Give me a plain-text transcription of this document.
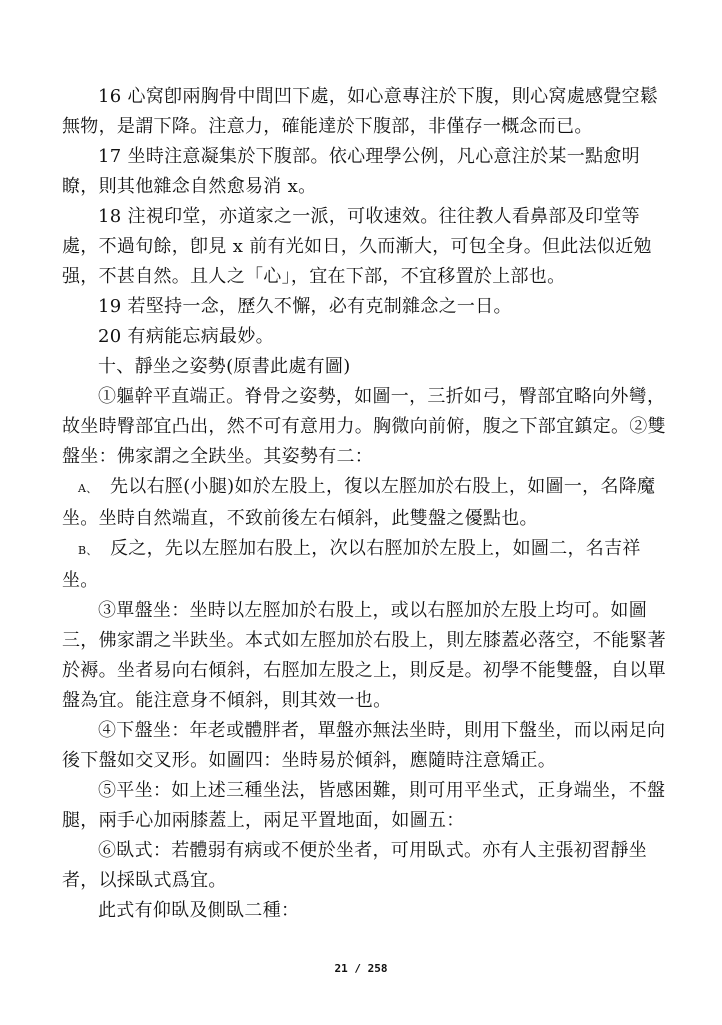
16 心窝卽兩胸骨中間凹下處，如心意專注於下腹，則心窝處感覺空鬆無物，是謂下降。注意力，確能達於下腹部，非僅存一概念而已。

17 坐時注意凝集於下腹部。依心理學公例，凡心意注於某一點愈明瞭，則其他雜念自然愈易消 x。

18 注視印堂，亦道家之一派，可收速效。往往教人看鼻部及印堂等處，不過旬餘，卽見 x 前有光如日，久而漸大，可包全身。但此法似近勉强，不甚自然。且人之「心」，宜在下部，不宜移置於上部也。

19 若堅持一念，歷久不懈，必有克制雜念之一日。

20 有病能忘病最妙。

十、靜坐之姿勢(原書此處有圖)

①軀幹平直端正。脊骨之姿勢，如圖一，三折如弓，臀部宜略向外彎，故坐時臀部宜凸出，然不可有意用力。胸微向前俯，腹之下部宜鎮定。②雙盤坐：佛家謂之全趺坐。其姿勢有二：

A、 先以右脛(小腿)如於左股上，復以左脛加於右股上，如圖一，名降魔坐。坐時自然端直，不致前後左右傾斜，此雙盤之優點也。

B、 反之，先以左脛加右股上，次以右脛加於左股上，如圖二，名吉祥坐。

③單盤坐：坐時以左脛加於右股上，或以右脛加於左股上均可。如圖三，佛家謂之半趺坐。本式如左脛加於右股上，則左膝蓋必落空，不能緊著於褥。坐者易向右傾斜，右脛加左股之上，則反是。初學不能雙盤，自以單盤為宜。能注意身不傾斜，則其效一也。

④下盤坐：年老或體胖者，單盤亦無法坐時，則用下盤坐，而以兩足向後下盤如交叉形。如圖四：坐時易於傾斜，應隨時注意矯正。

⑤平坐：如上述三種坐法，皆感困難，則可用平坐式，正身端坐，不盤腿，兩手心加兩膝蓋上，兩足平置地面，如圖五：

⑥臥式：若體弱有病或不便於坐者，可用臥式。亦有人主張初習靜坐者，以採臥式爲宜。

此式有仰臥及側臥二種：

21 / 258
